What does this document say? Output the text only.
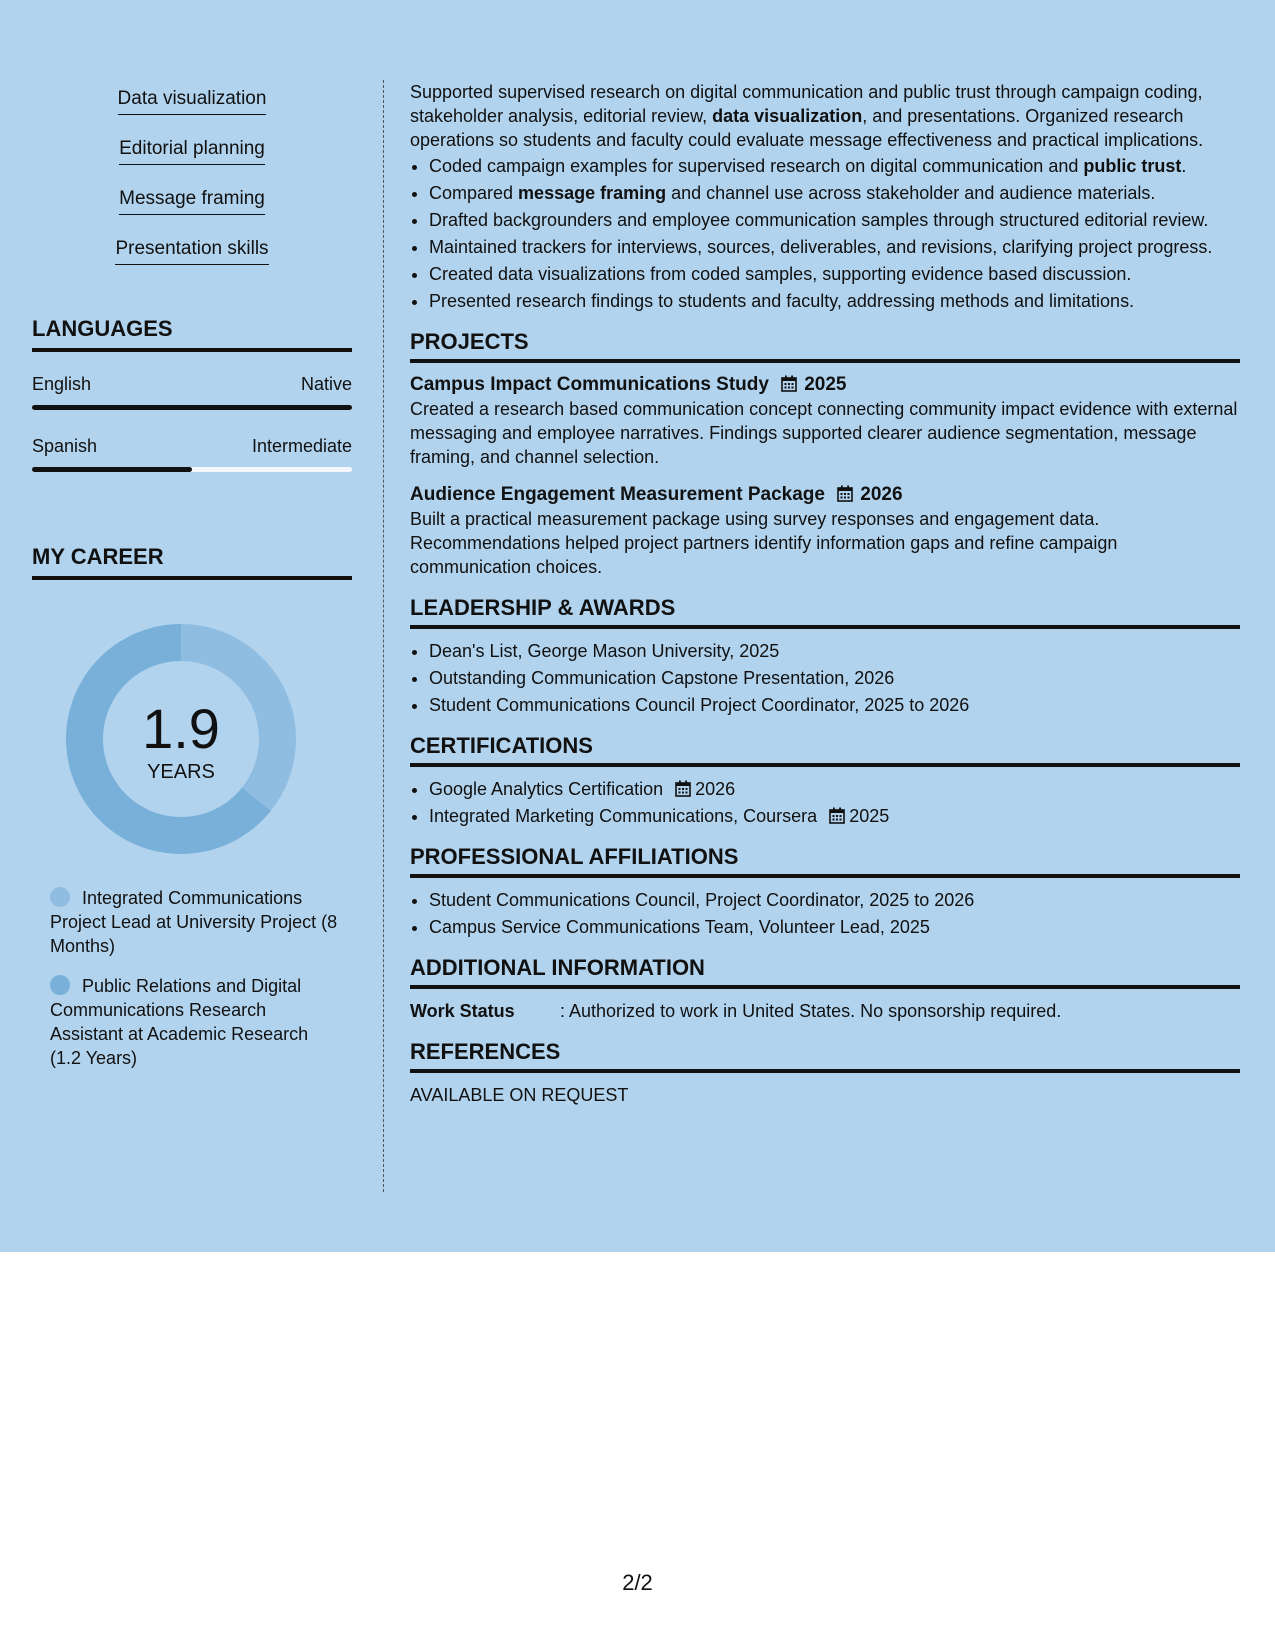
Data visualization
Editorial planning
Message framing
Presentation skills
LANGUAGES
English	Native
Spanish	Intermediate
MY CAREER
1.9
YEARS
Integrated Communications Project Lead at University Project (8 Months)
Public Relations and Digital Communications Research Assistant at Academic Research (1.2 Years)

Supported supervised research on digital communication and public trust through campaign coding, stakeholder analysis, editorial review, data visualization, and presentations. Organized research operations so students and faculty could evaluate message effectiveness and practical implications.

• Coded campaign examples for supervised research on digital communication and public trust.
• Compared message framing and channel use across stakeholder and audience materials.
• Drafted backgrounders and employee communication samples through structured editorial review.
• Maintained trackers for interviews, sources, deliverables, and revisions, clarifying project progress.
• Created data visualizations from coded samples, supporting evidence based discussion.
• Presented research findings to students and faculty, addressing methods and limitations.
PROJECTS
Campus Impact Communications Study 2025

Created a research based communication concept connecting community impact evidence with external messaging and employee narratives. Findings supported clearer audience segmentation, message framing, and channel selection.

Audience Engagement Measurement Package 2026

Built a practical measurement package using survey responses and engagement data. Recommendations helped project partners identify information gaps and refine campaign communication choices.

LEADERSHIP & AWARDS
• Dean's List, George Mason University, 2025
• Outstanding Communication Capstone Presentation, 2026
• Student Communications Council Project Coordinator, 2025 to 2026
CERTIFICATIONS
• Google Analytics Certification 2026
• Integrated Marketing Communications, Coursera 2025
PROFESSIONAL AFFILIATIONS
• Student Communications Council, Project Coordinator, 2025 to 2026
• Campus Service Communications Team, Volunteer Lead, 2025
ADDITIONAL INFORMATION
Work Status	: Authorized to work in United States. No sponsorship required.
REFERENCES

AVAILABLE ON REQUEST

2/2
